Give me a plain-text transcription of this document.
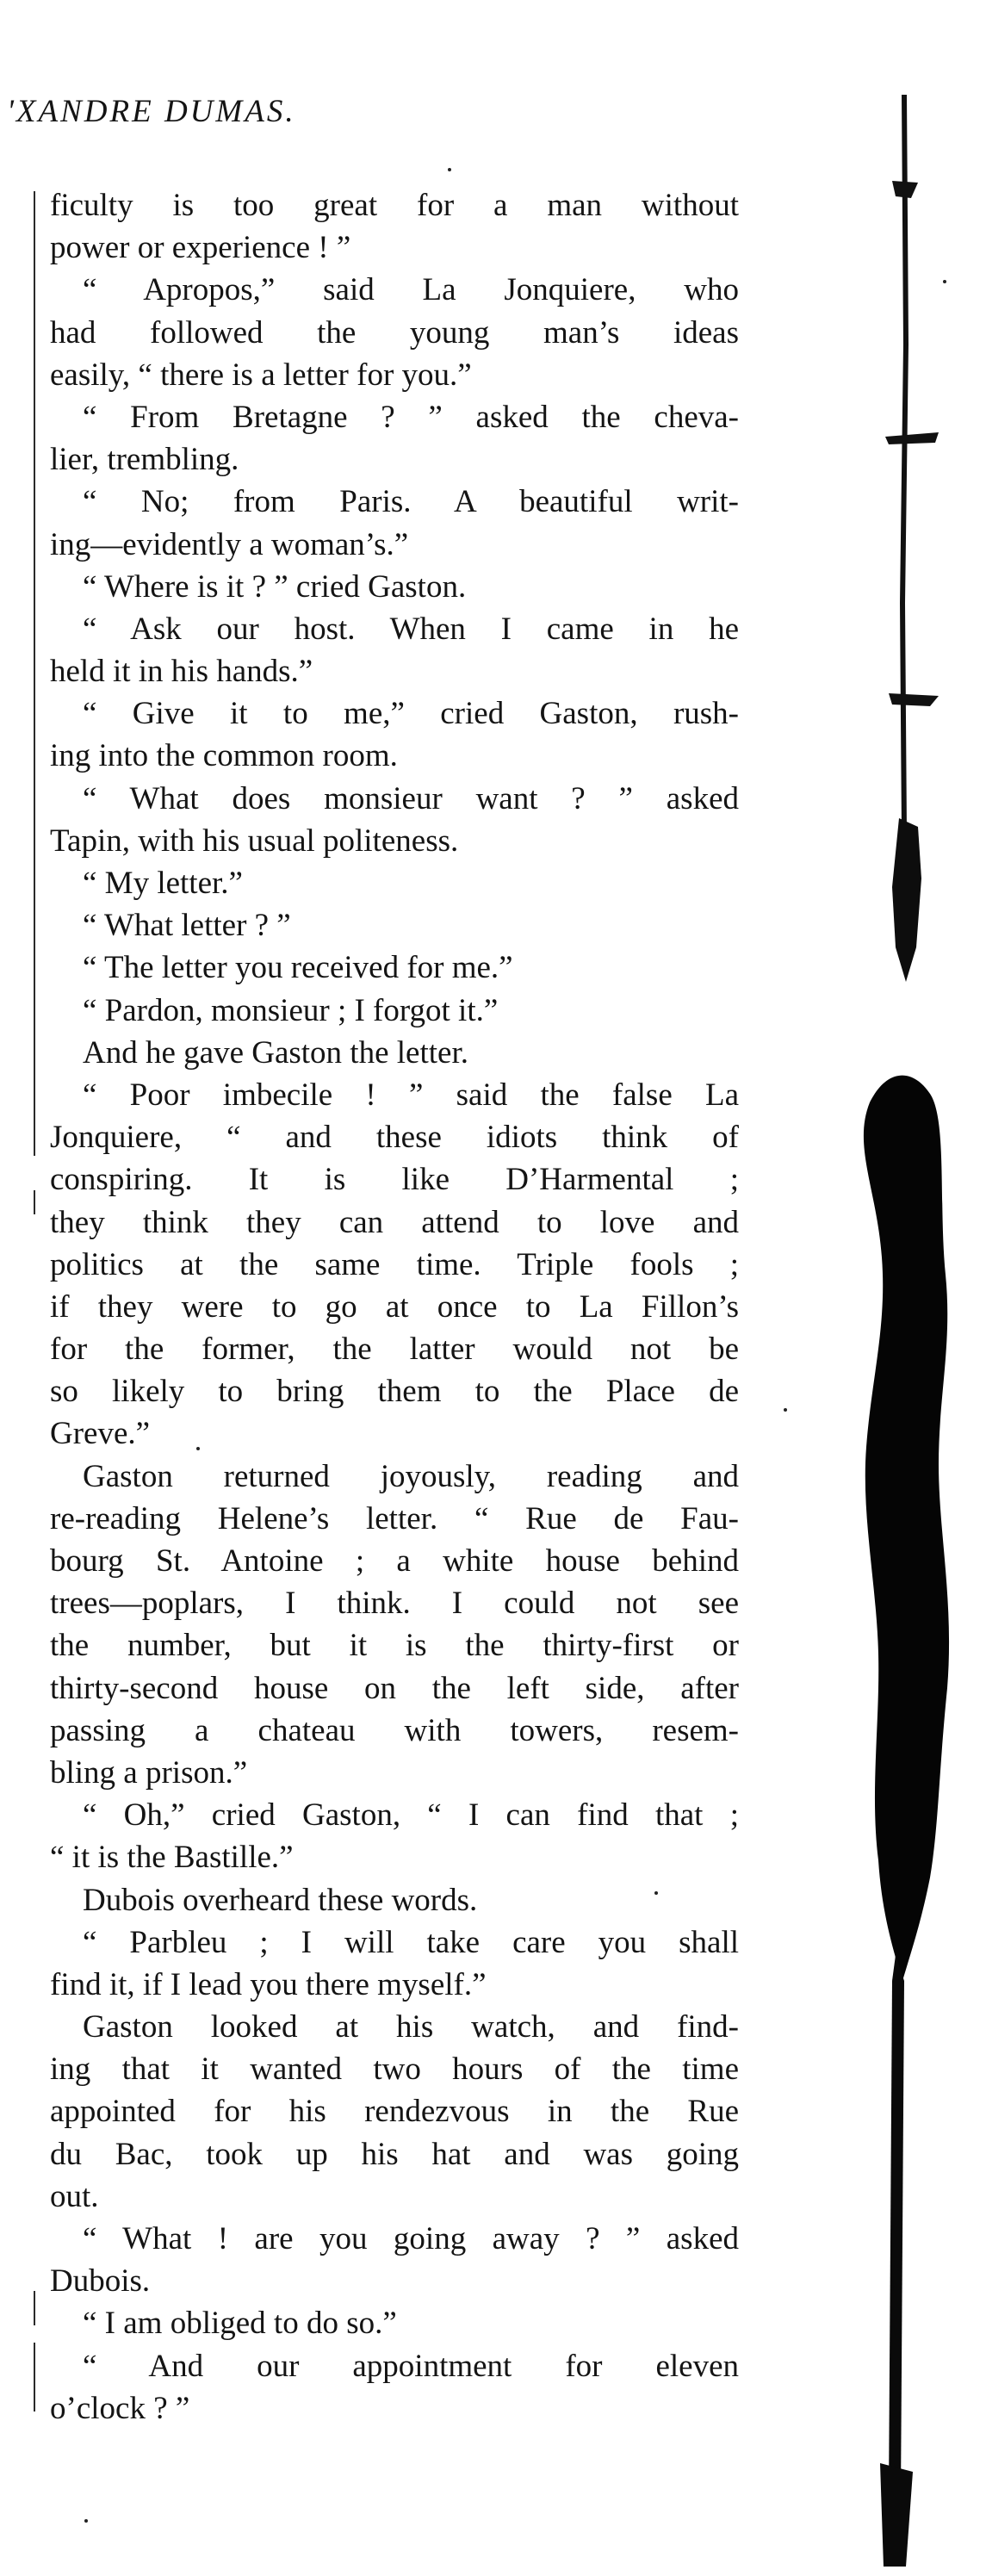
'XANDRE DUMAS.
ficulty is too great for a man without
power or experience ! ”
“ Apropos,” said La Jonquiere, who
had followed the young man’s ideas
easily, “ there is a letter for you.”
“ From Bretagne ? ” asked the cheva-
lier, trembling.
“ No; from Paris. A beautiful writ-
ing—evidently a woman’s.”
“ Where is it ? ” cried Gaston.
“ Ask our host. When I came in he
held it in his hands.”
“ Give it to me,” cried Gaston, rush-
ing into the common room.
“ What does monsieur want ? ” asked
Tapin, with his usual politeness.
“ My letter.”
“ What letter ? ”
“ The letter you received for me.”
“ Pardon, monsieur ; I forgot it.”
And he gave Gaston the letter.
“ Poor imbecile ! ” said the false La
Jonquiere, “ and these idiots think of
conspiring. It is like D’Harmental ;
they think they can attend to love and
politics at the same time. Triple fools ;
if they were to go at once to La Fillon’s
for the former, the latter would not be
so likely to bring them to the Place de
Greve.”
Gaston returned joyously, reading and
re-reading Helene’s letter. “ Rue de Fau-
bourg St. Antoine ; a white house behind
trees—poplars, I think. I could not see
the number, but it is the thirty-first or
thirty-second house on the left side, after
passing a chateau with towers, resem-
bling a prison.”
“ Oh,” cried Gaston, “ I can find that ;
“ it is the Bastille.”
Dubois overheard these words.
“ Parbleu ; I will take care you shall
find it, if I lead you there myself.”
Gaston looked at his watch, and find-
ing that it wanted two hours of the time
appointed for his rendezvous in the Rue
du Bac, took up his hat and was going
out.
“ What ! are you going away ? ” asked
Dubois.
“ I am obliged to do so.”
“ And our appointment for eleven
o’clock ? ”
